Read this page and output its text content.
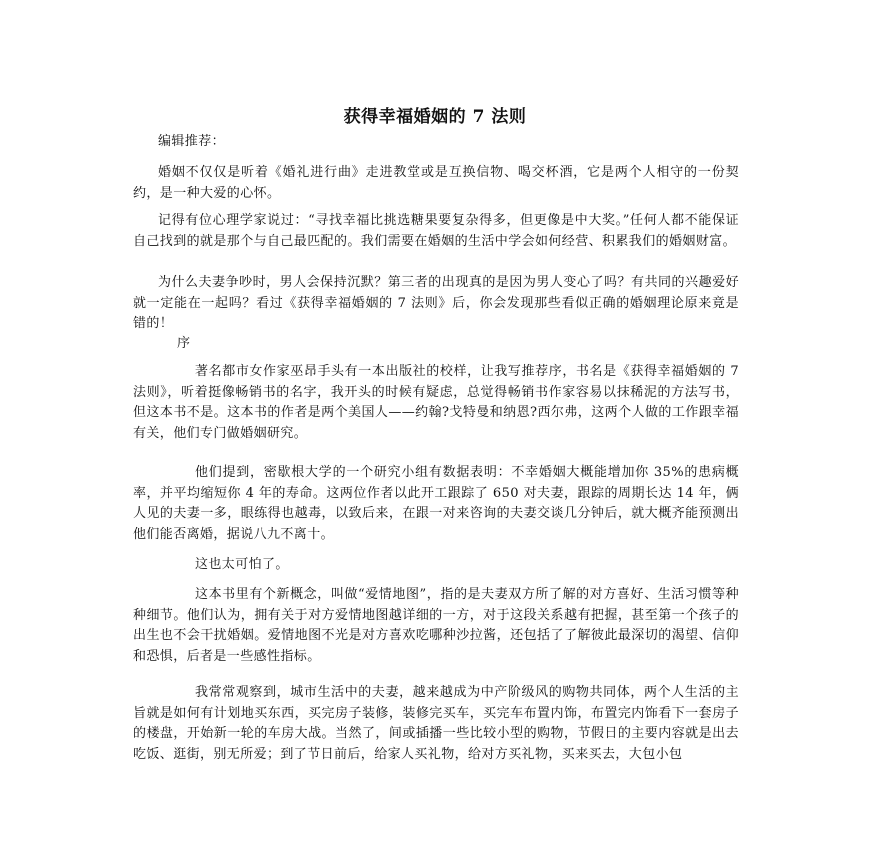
获得幸福婚姻的 7 法则

编辑推荐：

婚姻不仅仅是听着《婚礼进行曲》走进教堂或是互换信物、喝交杯酒，它是两个人相守的一份契约，是一种大爱的心怀。

记得有位心理学家说过：“寻找幸福比挑选糖果要复杂得多，但更像是中大奖。”任何人都不能保证自己找到的就是那个与自己最匹配的。我们需要在婚姻的生活中学会如何经营、积累我们的婚姻财富。

为什么夫妻争吵时，男人会保持沉默？第三者的出现真的是因为男人变心了吗？有共同的兴趣爱好就一定能在一起吗？看过《获得幸福婚姻的 7 法则》后，你会发现那些看似正确的婚姻理论原来竟是错的！

序

著名都市女作家巫昂手头有一本出版社的校样，让我写推荐序，书名是《获得幸福婚姻的 7 法则》，听着挺像畅销书的名字，我开头的时候有疑虑，总觉得畅销书作家容易以抹稀泥的方法写书，但这本书不是。这本书的作者是两个美国人——约翰?戈特曼和纳恩?西尔弗，这两个人做的工作跟幸福有关，他们专门做婚姻研究。

他们提到，密歇根大学的一个研究小组有数据表明：不幸婚姻大概能增加你 35%的患病概率，并平均缩短你 4 年的寿命。这两位作者以此开工跟踪了 650 对夫妻，跟踪的周期长达 14 年，俩人见的夫妻一多，眼练得也越毒，以致后来，在跟一对来咨询的夫妻交谈几分钟后，就大概齐能预测出他们能否离婚，据说八九不离十。

这也太可怕了。

这本书里有个新概念，叫做“爱情地图”，指的是夫妻双方所了解的对方喜好、生活习惯等种种细节。他们认为，拥有关于对方爱情地图越详细的一方，对于这段关系越有把握，甚至第一个孩子的出生也不会干扰婚姻。爱情地图不光是对方喜欢吃哪种沙拉酱，还包括了了解彼此最深切的渴望、信仰和恐惧，后者是一些感性指标。

我常常观察到，城市生活中的夫妻，越来越成为中产阶级风的购物共同体，两个人生活的主旨就是如何有计划地买东西，买完房子装修，装修完买车，买完车布置内饰，布置完内饰看下一套房子的楼盘，开始新一轮的车房大战。当然了，间或插播一些比较小型的购物，节假日的主要内容就是出去吃饭、逛街，别无所爱；到了节日前后，给家人买礼物，给对方买礼物，买来买去，大包小包
